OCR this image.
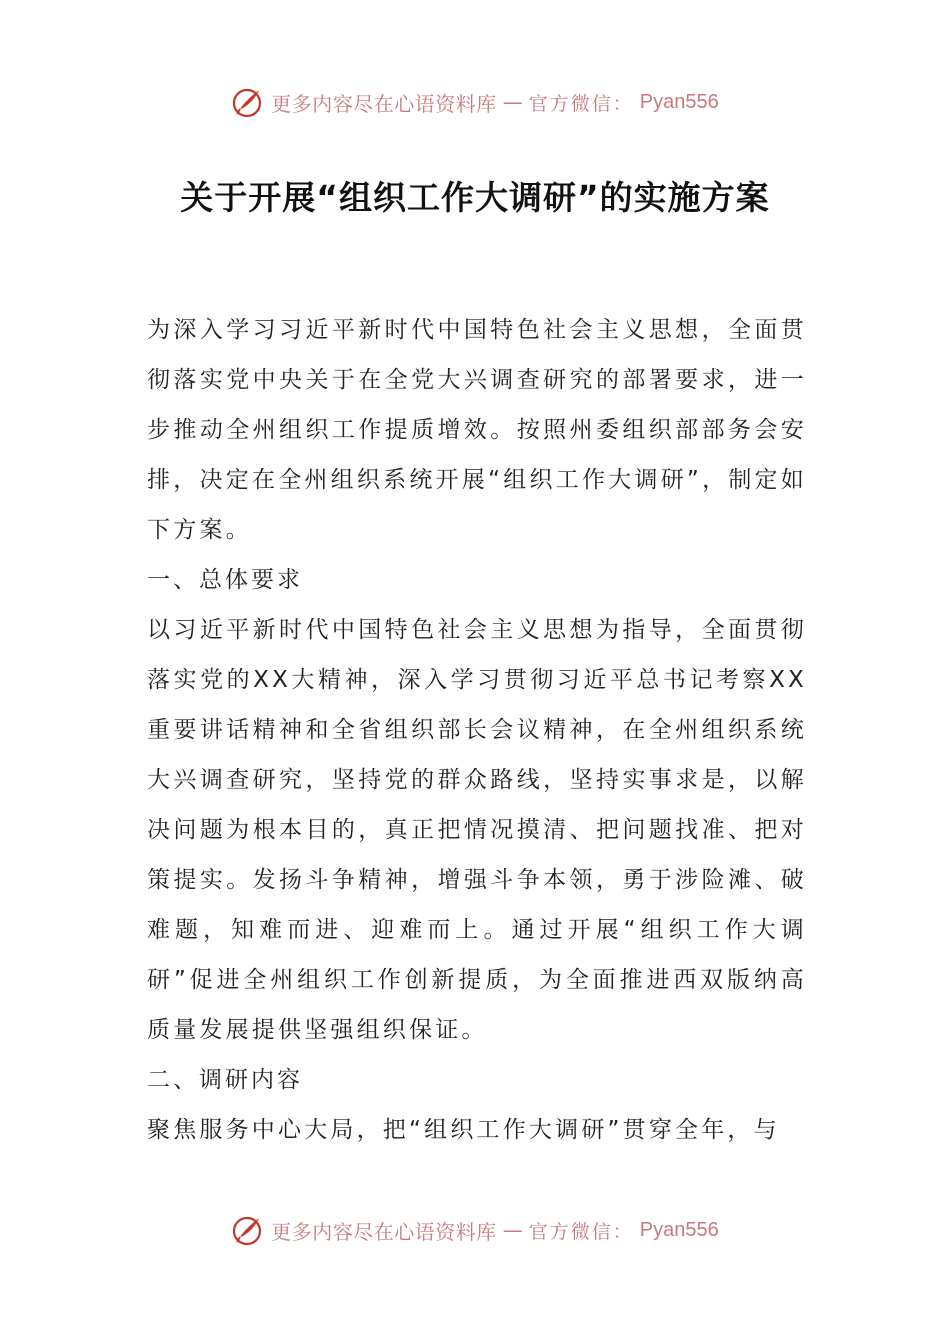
更多内容尽在心语资料库 — 官方微信： Pyan556
关于开展“组织工作大调研”的实施方案

为深入学习习近平新时代中国特色社会主义思想，全面贯彻落实党中央关于在全党大兴调查研究的部署要求，进一步推动全州组织工作提质增效。按照州委组织部部务会安排，决定在全州组织系统开展“组织工作大调研”，制定如下方案。

一、总体要求

以习近平新时代中国特色社会主义思想为指导，全面贯彻落实党的XX大精神，深入学习贯彻习近平总书记考察XX重要讲话精神和全省组织部长会议精神，在全州组织系统大兴调查研究，坚持党的群众路线，坚持实事求是，以解决问题为根本目的，真正把情况摸清、把问题找准、把对策提实。发扬斗争精神，增强斗争本领，勇于涉险滩、破难题，知难而进、迎难而上。通过开展“组织工作大调研”促进全州组织工作创新提质，为全面推进西双版纳高质量发展提供坚强组织保证。

二、调研内容

聚焦服务中心大局，把“组织工作大调研”贯穿全年，与

更多内容尽在心语资料库 — 官方微信： Pyan556
